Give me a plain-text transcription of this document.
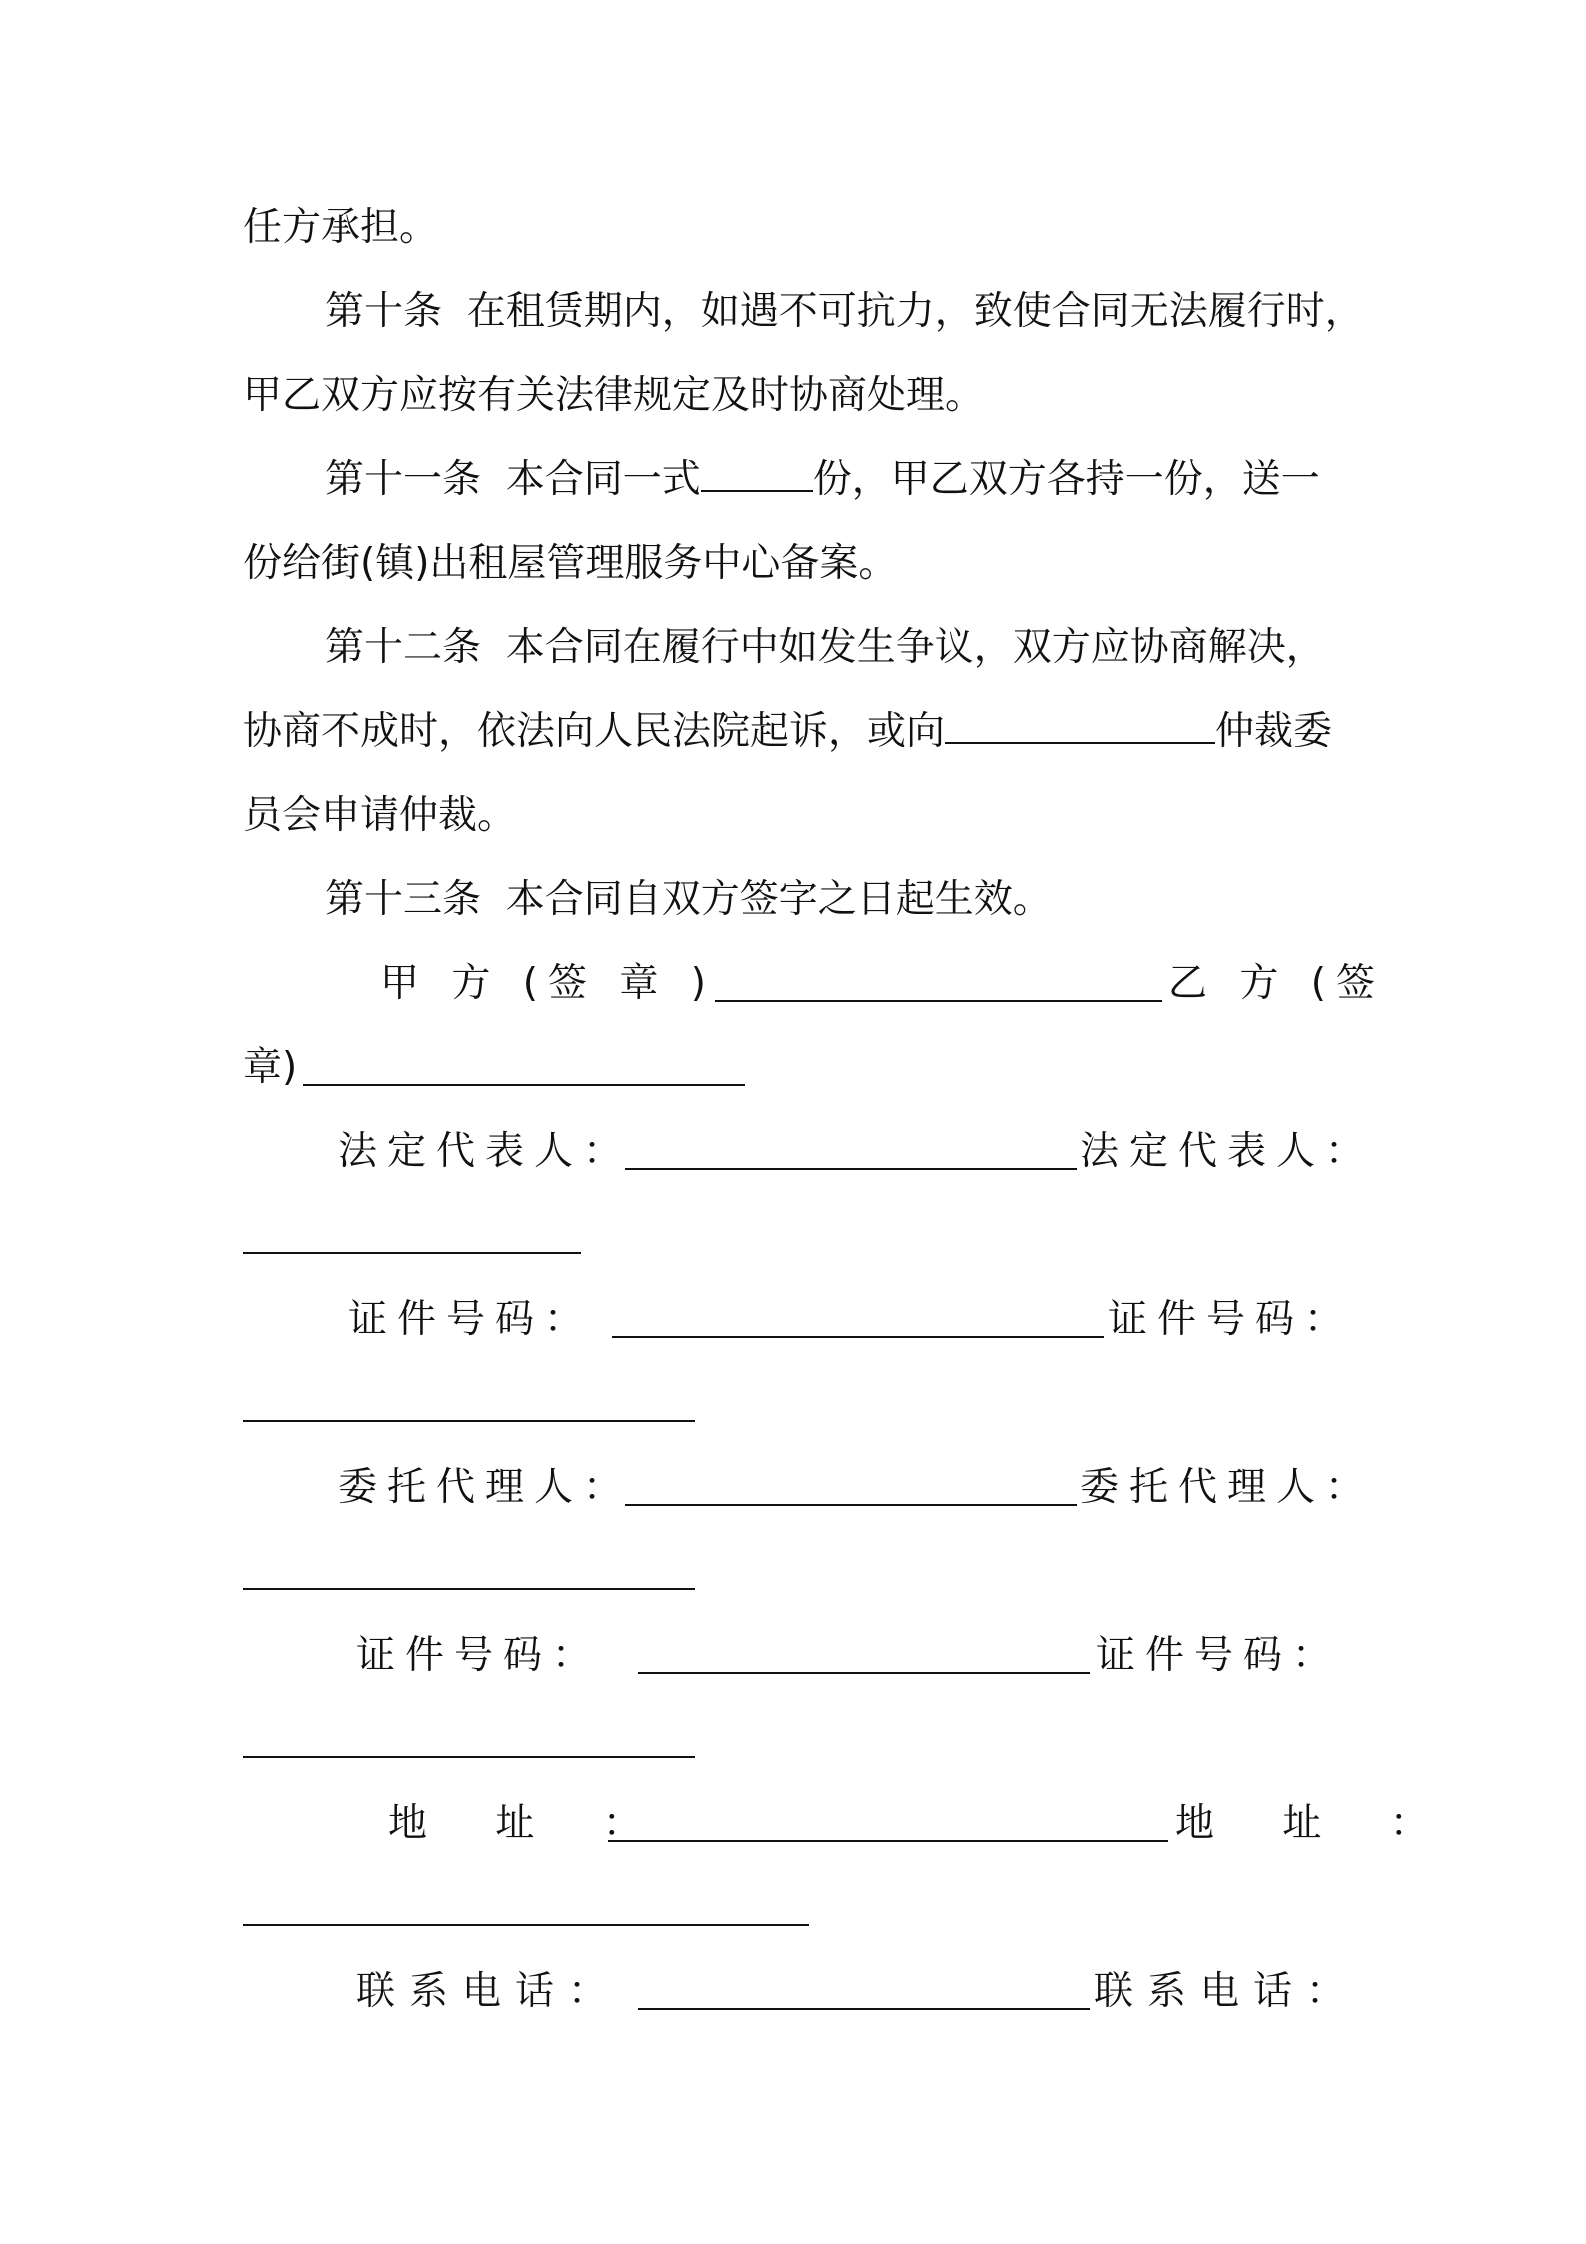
任方承担。
第十条  在租赁期内，如遇不可抗力，致使合同无法履行时，
甲乙双方应按有关法律规定及时协商处理。
第十一条  本合同一式	份，甲乙双方各持一份，送一
份给街(镇)出租屋管理服务中心备案。
第十二条  本合同在履行中如发生争议，双方应协商解决，
协商不成时，依法向人民法院起诉，或向	仲裁委
员会申请仲裁。
第十三条  本合同自双方签字之日起生效。
甲 方 (签 章 )	乙 方 (签
章)
法定代表人：	法定代表人：
证件号码：	证件号码：
委托代理人：	委托代理人：
证件号码：	证件号码：
地 址 ：	地 址 ：
联系电话：	联系电话：
